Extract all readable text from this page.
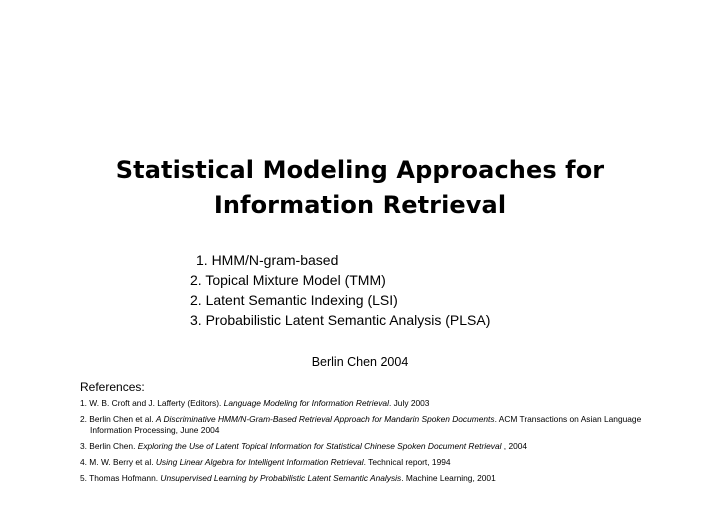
Statistical Modeling Approaches for
Information Retrieval
1. HMM/N-gram-based
2. Topical Mixture Model (TMM)
2. Latent Semantic Indexing (LSI)
3. Probabilistic Latent Semantic Analysis (PLSA)
Berlin Chen 2004
References:
1. W. B. Croft and J. Lafferty (Editors). Language Modeling for Information Retrieval. July 2003
2. Berlin Chen et al. A Discriminative HMM/N-Gram-Based Retrieval Approach for Mandarin Spoken Documents. ACM Transactions on Asian Language Information Processing, June 2004
3. Berlin Chen. Exploring the Use of Latent Topical Information for Statistical Chinese Spoken Document Retrieval , 2004
4. M. W. Berry et al. Using Linear Algebra for Intelligent Information Retrieval. Technical report, 1994
5. Thomas Hofmann. Unsupervised Learning by Probabilistic Latent Semantic Analysis. Machine Learning, 2001
